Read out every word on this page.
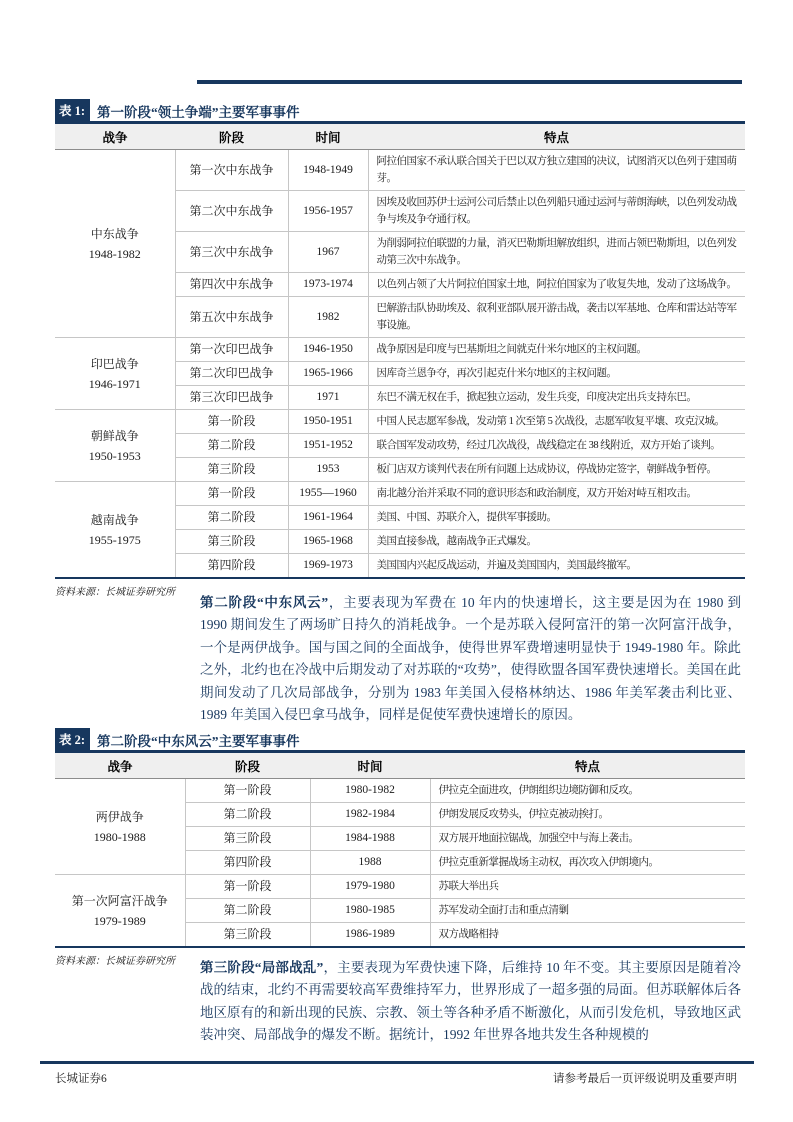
表 1: 第一阶段“领土争端”主要军事事件
战争	阶段	时间	特点

中东战争
1948-1982	第一次中东战争	1948-1949	阿拉伯国家不承认联合国关于巴以双方独立建国的决议，试图消灭以色列于建国萌芽。
	第二次中东战争	1956-1957	因埃及收回苏伊士运河公司后禁止以色列船只通过运河与蒂朗海峡，以色列发动战争与埃及争夺通行权。
	第三次中东战争	1967	为削弱阿拉伯联盟的力量，消灭巴勒斯坦解放组织，进而占领巴勒斯坦，以色列发动第三次中东战争。
	第四次中东战争	1973-1974	以色列占领了大片阿拉伯国家土地，阿拉伯国家为了收复失地，发动了这场战争。
	第五次中东战争	1982	巴解游击队协助埃及、叙利亚部队展开游击战，袭击以军基地、仓库和雷达站等军事设施。

印巴战争
1946-1971	第一次印巴战争	1946-1950	战争原因是印度与巴基斯坦之间就克什米尔地区的主权问题。
	第二次印巴战争	1965-1966	因库奇兰恩争夺，再次引起克什米尔地区的主权问题。
	第三次印巴战争	1971	东巴不满无权在手，掀起独立运动，发生兵变，印度决定出兵支持东巴。

朝鲜战争
1950-1953	第一阶段	1950-1951	中国人民志愿军参战，发动第 1 次至第 5 次战役，志愿军收复平壤、攻克汉城。
	第二阶段	1951-1952	联合国军发动攻势，经过几次战役，战线稳定在 38 线附近，双方开始了谈判。
	第三阶段	1953	板门店双方谈判代表在所有问题上达成协议，停战协定签字，朝鲜战争暂停。

越南战争
1955-1975	第一阶段	1955—1960	南北越分治并采取不同的意识形态和政治制度，双方开始对峙互相攻击。
	第二阶段	1961-1964	美国、中国、苏联介入，提供军事援助。
	第三阶段	1965-1968	美国直接参战，越南战争正式爆发。
	第四阶段	1969-1973	美国国内兴起反战运动，并遍及美国国内，美国最终撤军。
资料来源：长城证券研究所

第二阶段“中东风云”，主要表现为军费在 10 年内的快速增长，这主要是因为在 1980 到 1990 期间发生了两场旷日持久的消耗战争。一个是苏联入侵阿富汗的第一次阿富汗战争，一个是两伊战争。国与国之间的全面战争，使得世界军费增速明显快于 1949-1980 年。除此之外，北约也在冷战中后期发动了对苏联的“攻势”，使得欧盟各国军费快速增长。美国在此期间发动了几次局部战争，分别为 1983 年美国入侵格林纳达、1986 年美军袭击利比亚、1989 年美国入侵巴拿马战争，同样是促使军费快速增长的原因。

表 2: 第二阶段“中东风云”主要军事事件
战争	阶段	时间	特点

两伊战争
1980-1988	第一阶段	1980-1982	伊拉克全面进攻，伊朗组织边境防御和反攻。
	第二阶段	1982-1984	伊朗发展反攻势头，伊拉克被动挨打。
	第三阶段	1984-1988	双方展开地面拉锯战，加强空中与海上袭击。
	第四阶段	1988	伊拉克重新掌握战场主动权，再次攻入伊朗境内。

第一次阿富汗战争
1979-1989	第一阶段	1979-1980	苏联大举出兵
	第二阶段	1980-1985	苏军发动全面打击和重点清剿
	第三阶段	1986-1989	双方战略相持
资料来源：长城证券研究所	第三阶段“局部战乱”，主要表现为军费快速下降，后维持 10 年不变。其主要原因是随着冷战的结束，北约不再需要较高军费维持军力，世界形成了一超多强的局面。但苏联解体后各地区原有的和新出现的民族、宗教、领土等各种矛盾不断激化，从而引发危机，导致地区武装冲突、局部战争的爆发不断。据统计，1992 年世界各地共发生各种规模的

长城证券6	请参考最后一页评级说明及重要声明
